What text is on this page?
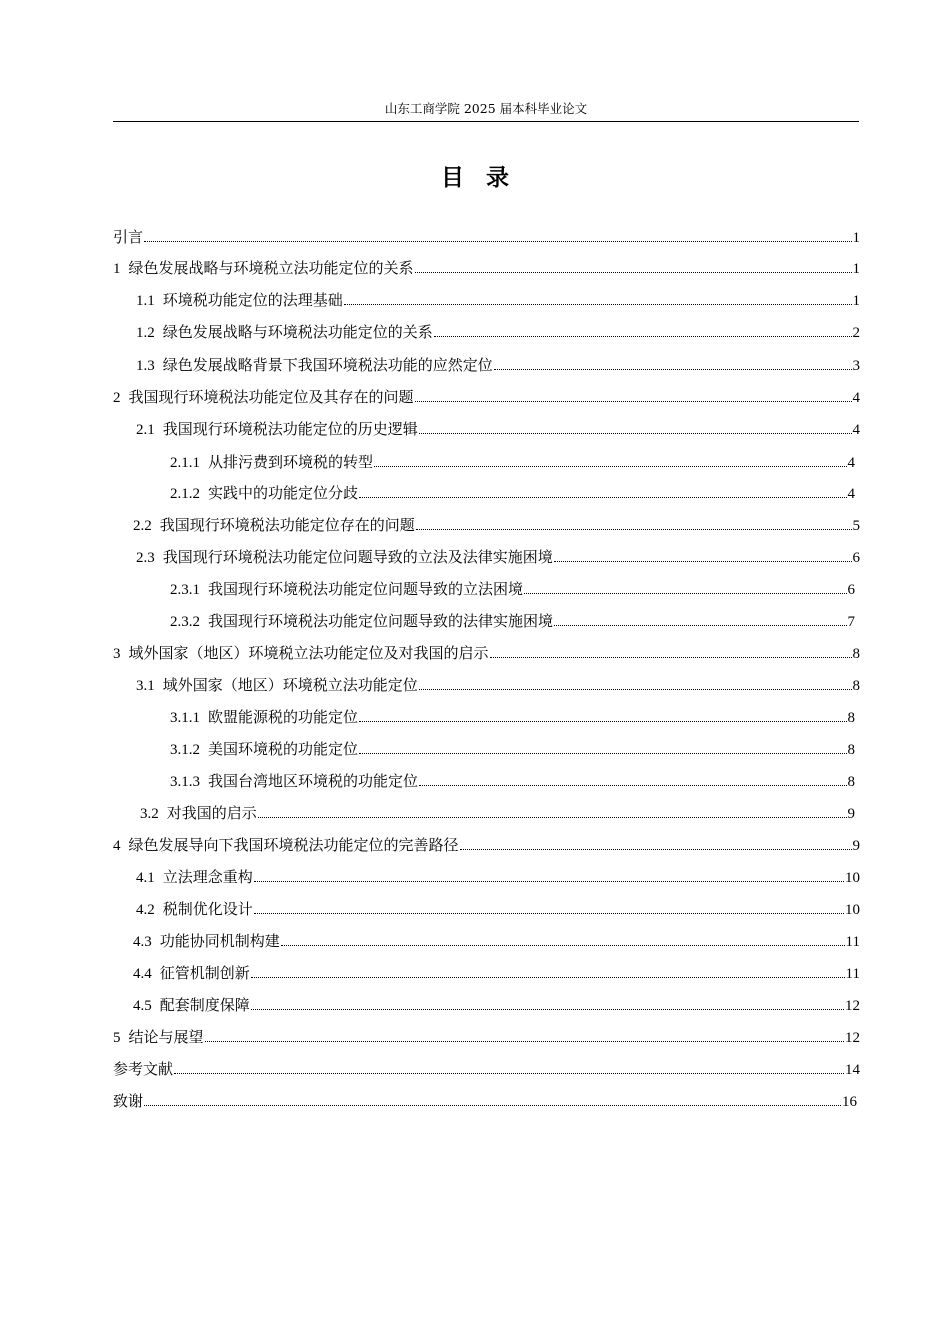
山东工商学院 2025 届本科毕业论文
目录
引言	1
1 绿色发展战略与环境税立法功能定位的关系	1
1.1 环境税功能定位的法理基础	1
1.2 绿色发展战略与环境税法功能定位的关系	2
1.3 绿色发展战略背景下我国环境税法功能的应然定位	3
2 我国现行环境税法功能定位及其存在的问题	4
2.1 我国现行环境税法功能定位的历史逻辑	4
2.1.1 从排污费到环境税的转型	4
2.1.2 实践中的功能定位分歧	4
2.2 我国现行环境税法功能定位存在的问题	5
2.3 我国现行环境税法功能定位问题导致的立法及法律实施困境	6
2.3.1 我国现行环境税法功能定位问题导致的立法困境	6
2.3.2 我国现行环境税法功能定位问题导致的法律实施困境	7
3 域外国家（地区）环境税立法功能定位及对我国的启示	8
3.1 域外国家（地区）环境税立法功能定位	8
3.1.1 欧盟能源税的功能定位	8
3.1.2 美国环境税的功能定位	8
3.1.3 我国台湾地区环境税的功能定位	8
3.2 对我国的启示	9
4 绿色发展导向下我国环境税法功能定位的完善路径	9
4.1 立法理念重构	10
4.2 税制优化设计	10
4.3 功能协同机制构建	11
4.4 征管机制创新	11
4.5 配套制度保障	12
5 结论与展望	12
参考文献	14
致谢	16
